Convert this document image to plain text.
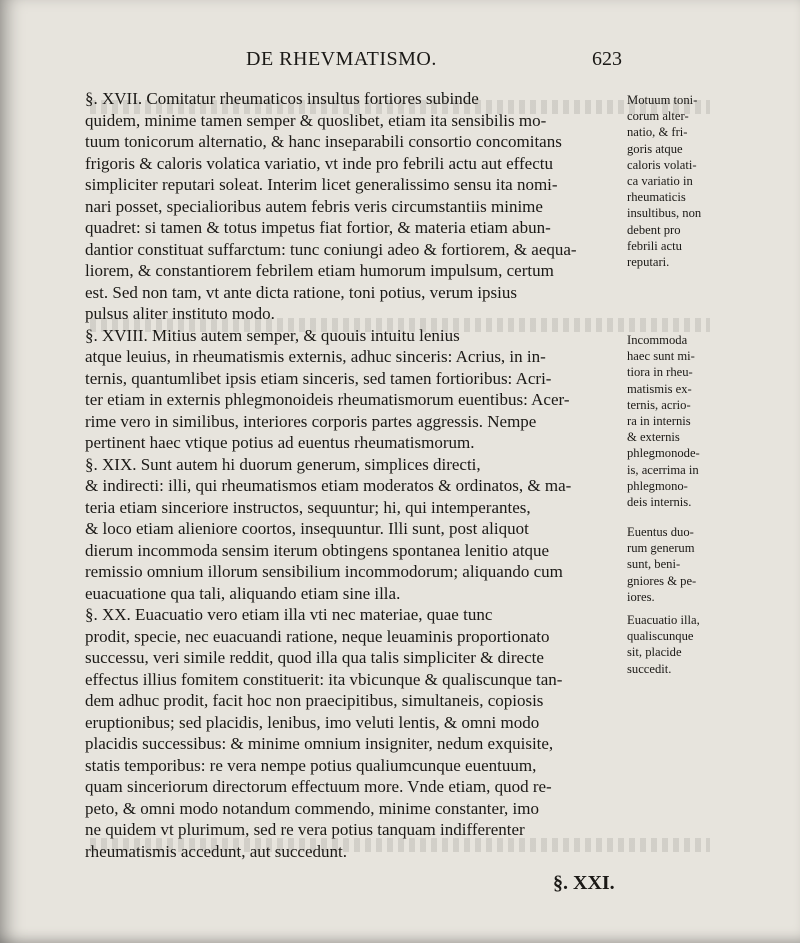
DE RHEVMATISMO.	623
§. XVII. Comitatur rheumaticos insultus fortiores subinde
quidem, minime tamen semper & quoslibet, etiam ita sensibilis mo-
tuum tonicorum alternatio, & hanc inseparabili consortio concomitans
frigoris & caloris volatica variatio, vt inde pro febrili actu aut effectu
simpliciter reputari soleat. Interim licet generalissimo sensu ita nomi-
nari posset, specialioribus autem febris veris circumstantiis minime
quadret: si tamen & totus impetus fiat fortior, & materia etiam abun-
dantior constituat suffarctum: tunc coniungi adeo & fortiorem, & aequa-
liorem, & constantiorem febrilem etiam humorum impulsum, certum
est. Sed non tam, vt ante dicta ratione, toni potius, verum ipsius
pulsus aliter instituto modo.
§. XVIII. Mitius autem semper, & quouis intuitu lenius
atque leuius, in rheumatismis externis, adhuc sinceris: Acrius, in in-
ternis, quantumlibet ipsis etiam sinceris, sed tamen fortioribus: Acri-
ter etiam in externis phlegmonoideis rheumatismorum euentibus: Acer-
rime vero in similibus, interiores corporis partes aggressis. Nempe
pertinent haec vtique potius ad euentus rheumatismorum.
§. XIX. Sunt autem hi duorum generum, simplices directi,
& indirecti: illi, qui rheumatismos etiam moderatos & ordinatos, & ma-
teria etiam sinceriore instructos, sequuntur; hi, qui intemperantes,
& loco etiam alieniore coortos, insequuntur. Illi sunt, post aliquot
dierum incommoda sensim iterum obtingens spontanea lenitio atque
remissio omnium illorum sensibilium incommodorum; aliquando cum
euacuatione qua tali, aliquando etiam sine illa.
§. XX. Euacuatio vero etiam illa vti nec materiae, quae tunc
prodit, specie, nec euacuandi ratione, neque leuaminis proportionato
successu, veri simile reddit, quod illa qua talis simpliciter & directe
effectus illius fomitem constituerit: ita vbicunque & qualiscunque tan-
dem adhuc prodit, facit hoc non praecipitibus, simultaneis, copiosis
eruptionibus; sed placidis, lenibus, imo veluti lentis, & omni modo
placidis successibus: & minime omnium insigniter, nedum exquisite,
statis temporibus: re vera nempe potius qualiumcunque euentuum,
quam sinceriorum directorum effectuum more. Vnde etiam, quod re-
peto, & omni modo notandum commendo, minime constanter, imo
ne quidem vt plurimum, sed re vera potius tanquam indifferenter
rheumatismis accedunt, aut succedunt.
Motuum toni-
corum alter-
natio, & fri-
goris atque
caloris volati-
ca variatio in
rheumaticis
insultibus, non
debent pro
febrili actu
reputari.
Incommoda
haec sunt mi-
tiora in rheu-
matismis ex-
ternis, acrio-
ra in internis
& externis
phlegmonode-
is, acerrima in
phlegmono-
deis internis.
Euentus duo-
rum generum
sunt, beni-
gniores & pe-
iores.
Euacuatio illa,
qualiscunque
sit, placide
succedit.
§. XXI.
